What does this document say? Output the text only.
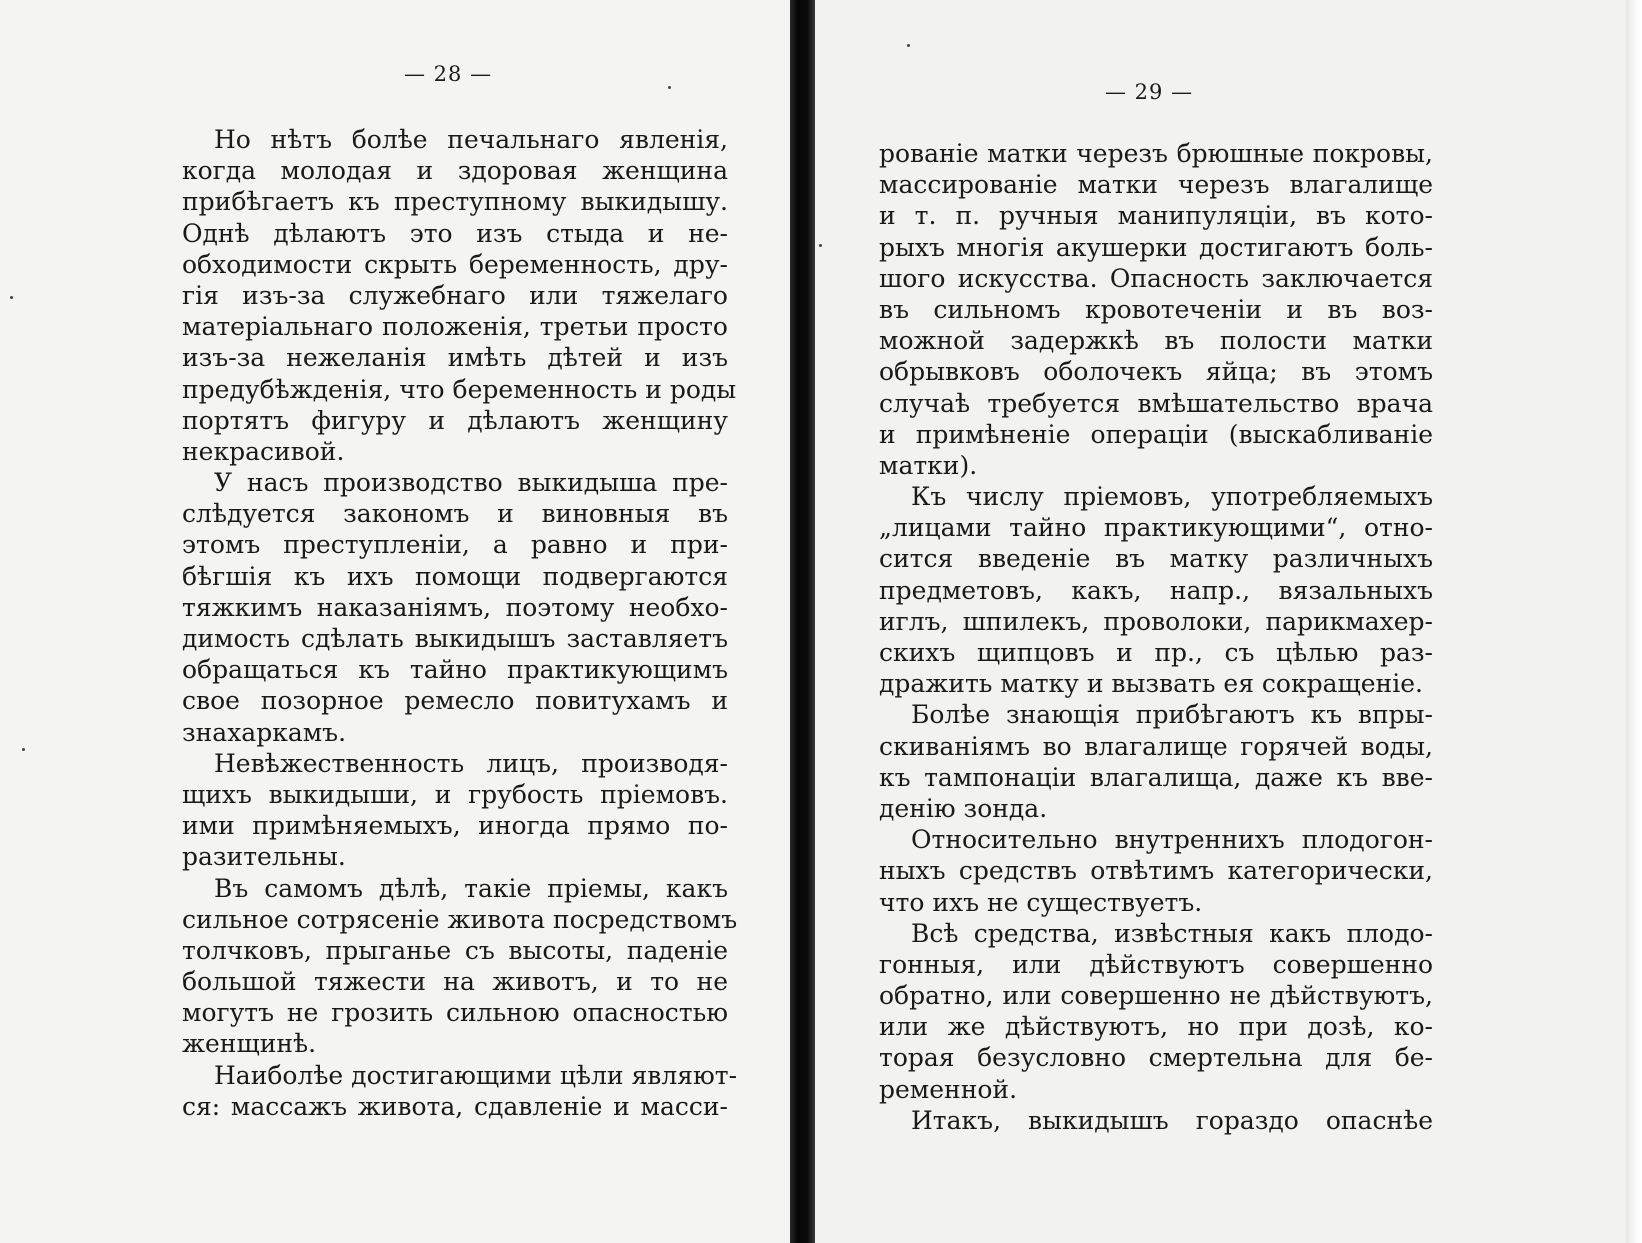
— 28 —
Но нѣтъ болѣе печальнаго явленія,
когда молодая и здоровая женщина
прибѣгаетъ къ преступному выкидышу.
Однѣ дѣлаютъ это изъ стыда и не-
обходимости скрыть беременность, дру-
гія изъ-за служебнаго или тяжелаго
матеріальнаго положенія, третьи просто
изъ-за нежеланія имѣть дѣтей и изъ
предубѣжденія, что беременность и роды
портятъ фигуру и дѣлаютъ женщину
некрасивой.
У насъ производство выкидыша пре-
слѣдуется закономъ и виновныя въ
этомъ преступленіи, а равно и при-
бѣгшія къ ихъ помощи подвергаются
тяжкимъ наказаніямъ, поэтому необхо-
димость сдѣлать выкидышъ заставляетъ
обращаться къ тайно практикующимъ
свое позорное ремесло повитухамъ и
знахаркамъ.
Невѣжественность лицъ, производя-
щихъ выкидыши, и грубость пріемовъ.
ими примѣняемыхъ, иногда прямо по-
разительны.
Въ самомъ дѣлѣ, такіе пріемы, какъ
сильное сотрясеніе живота посредствомъ
толчковъ, прыганье съ высоты, паденіе
большой тяжести на животъ, и то не
могутъ не грозить сильною опасностью
женщинѣ.
Наиболѣе достигающими цѣли являют-
ся: массажъ живота, сдавленіе и масси-
— 29 —
рованіе матки черезъ брюшные покровы,
массированіе матки черезъ влагалище
и т. п. ручныя манипуляціи, въ кото-
рыхъ многія акушерки достигаютъ боль-
шого искусства. Опасность заключается
въ сильномъ кровотеченіи и въ воз-
можной задержкѣ въ полости матки
обрывковъ оболочекъ яйца; въ этомъ
случаѣ требуется вмѣшательство врача
и примѣненіе операціи (выскабливаніе
матки).
Къ числу пріемовъ, употребляемыхъ
„лицами тайно практикующими“, отно-
сится введеніе въ матку различныхъ
предметовъ, какъ, напр., вязальныхъ
иглъ, шпилекъ, проволоки, парикмахер-
скихъ щипцовъ и пр., съ цѣлью раз-
дражить матку и вызвать ея сокращеніе.
Болѣе знающія прибѣгаютъ къ впры-
скиваніямъ во влагалище горячей воды,
къ тампонаціи влагалища, даже къ вве-
денію зонда.
Относительно внутреннихъ плодогон-
ныхъ средствъ отвѣтимъ категорически,
что ихъ не существуетъ.
Всѣ средства, извѣстныя какъ плодо-
гонныя, или дѣйствуютъ совершенно
обратно, или совершенно не дѣйствуютъ,
или же дѣйствуютъ, но при дозѣ, ко-
торая безусловно смертельна для бе-
ременной.
Итакъ, выкидышъ гораздо опаснѣе
